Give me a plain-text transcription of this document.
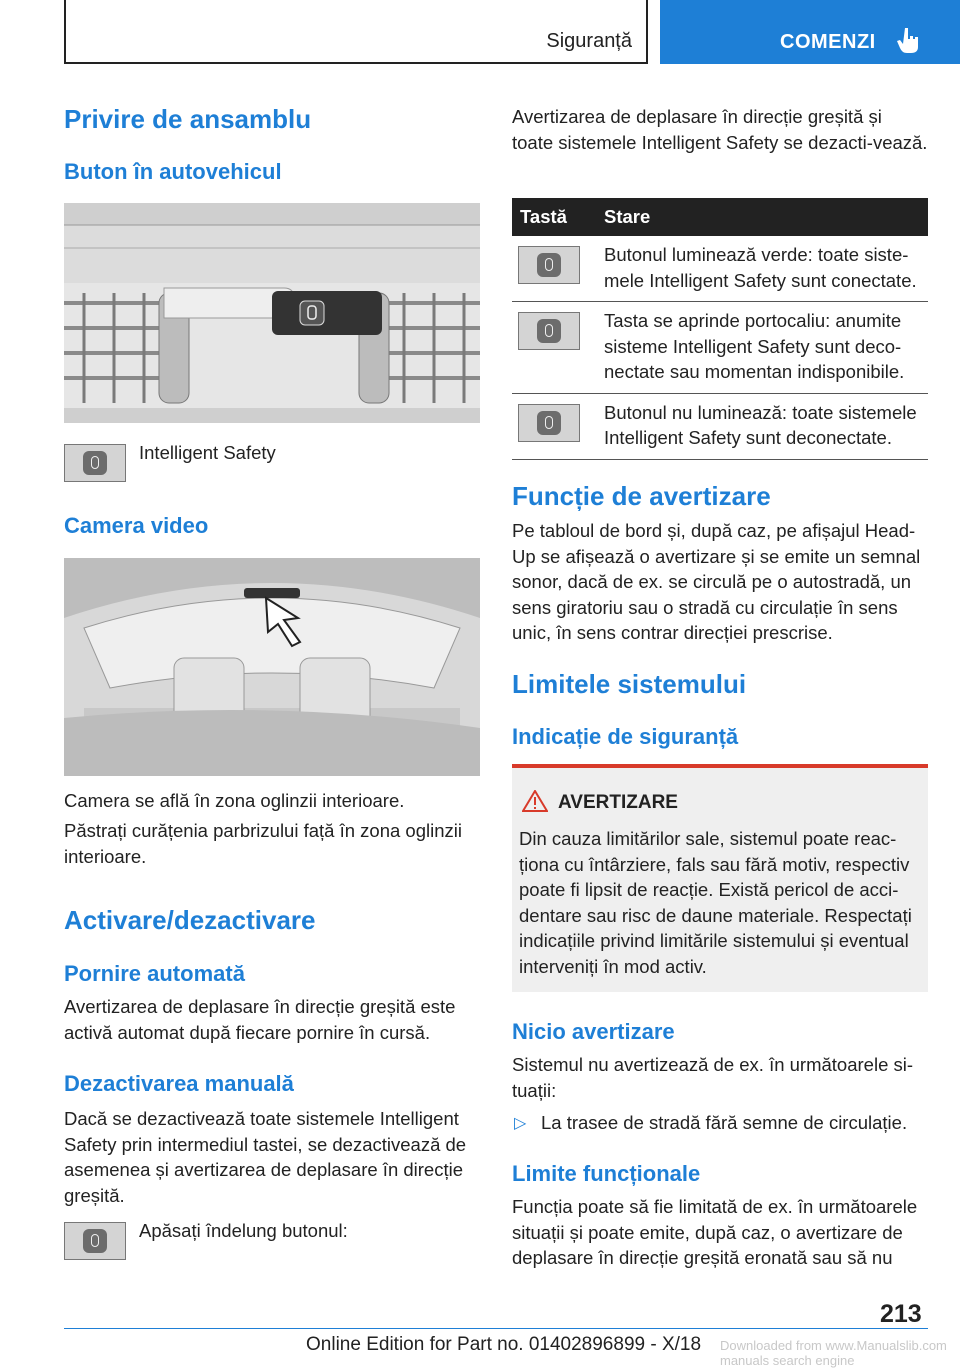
Siguranță	COMENZI
Privire de ansamblu
Buton în autovehicul

Intelligent Safety

Camera video

Camera se află în zona oglinzii interioare.

Păstrați curățenia parbrizului față în zona oglinzii interioare.

Activare/dezactivare
Pornire automată

Avertizarea de deplasare în direcție greșită este activă automat după fiecare pornire în cursă.

Dezactivarea manuală

Dacă se dezactivează toate sistemele Intelligent Safety prin intermediul tastei, se dezactivează de asemenea și avertizarea de deplasare în direcție greșită.

Apăsați îndelung butonul:

Avertizarea de deplasare în direcție greșită și toate sistemele Intelligent Safety se dezacti-vează.

Tastă	Stare

	Butonul luminează verde: toate siste-mele Intelligent Safety sunt conectate.

	Tasta se aprinde portocaliu: anumite sisteme Intelligent Safety sunt deco-nectate sau momentan indisponibile.

	Butonul nu luminează: toate sistemele Intelligent Safety sunt deconectate.
Funcție de avertizare

Pe tabloul de bord și, după caz, pe afișajul Head-Up se afișează o avertizare și se emite un semnal sonor, dacă de ex. se circulă pe o autostradă, un sens giratoriu sau o stradă cu circulație în sens unic, în sens contrar direcției prescrise.

Limitele sistemului
Indicație de siguranță
AVERTIZARE

Din cauza limitărilor sale, sistemul poate reac-ționa cu întârziere, fals sau fără motiv, respectiv poate fi lipsit de reacție. Există pericol de acci-dentare sau risc de daune materiale. Respectați indicațiile privind limitările sistemului și eventual interveniți în mod activ.

Nicio avertizare

Sistemul nu avertizează de ex. în următoarele si-tuații:

▷ La trasee de stradă fără semne de circulație.

Limite funcționale

Funcția poate să fie limitată de ex. în următoarele situații și poate emite, după caz, o avertizare de deplasare în direcție greșită eronată sau să nu

213
Online Edition for Part no. 01402896899 - X/18 Downloaded from www.Manualslib.com manuals search engine
